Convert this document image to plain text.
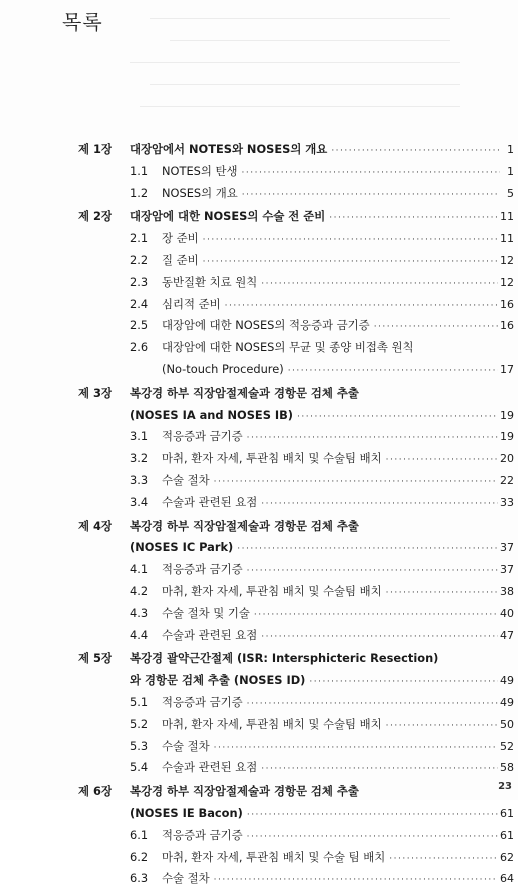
목록
제 1장	대장암에서 NOTES와 NOSES의 개요 ·····	1
1.1	NOTES의 탄생 ·····	1
1.2	NOSES의 개요 ·····	5
제 2장	대장암에 대한 NOSES의 수술 전 준비 ·····	11
2.1	장 준비 ·····	11
2.2	질 준비 ·····	12
2.3	동반질환 치료 원칙 ·····	12
2.4	심리적 준비 ·····	16
2.5	대장암에 대한 NOSES의 적응증과 금기증 ·····	16
2.6	대장암에 대한 NOSES의 무균 및 종양 비접촉 원칙
(No-touch Procedure) ·····	17
제 3장	복강경 하부 직장암절제술과 경항문 검체 추출
(NOSES IA and NOSES IB) ·····	19
3.1	적응증과 금기증 ·····	19
3.2	마취, 환자 자세, 투관침 배치 및 수술팀 배치 ·····	20
3.3	수술 절차 ·····	22
3.4	수술과 관련된 요점 ·····	33
제 4장	복강경 하부 직장암절제술과 경항문 검체 추출
(NOSES IC Park) ·····	37
4.1	적응증과 금기증 ·····	37
4.2	마취, 환자 자세, 투관침 배치 및 수술팀 배치 ·····	38
4.3	수술 절차 및 기술 ·····	40
4.4	수술과 관련된 요점 ·····	47
제 5장	복강경 괄약근간절제 (ISR: Intersphicteric Resection)
와 경항문 검체 추출 (NOSES ID) ·····	49
5.1	적응증과 금기증 ·····	49
5.2	마취, 환자 자세, 투관침 배치 및 수술팀 배치 ·····	50
5.3	수술 절차 ·····	52
5.4	수술과 관련된 요점 ·····	58
제 6장	복강경 하부 직장암절제술과 경항문 검체 추출
(NOSES IE Bacon) ·····	61
6.1	적응증과 금기증 ·····	61
6.2	마취, 환자 자세, 투관침 배치 및 수술 팀 배치 ·····	62
6.3	수술 절차 ·····	64
23
